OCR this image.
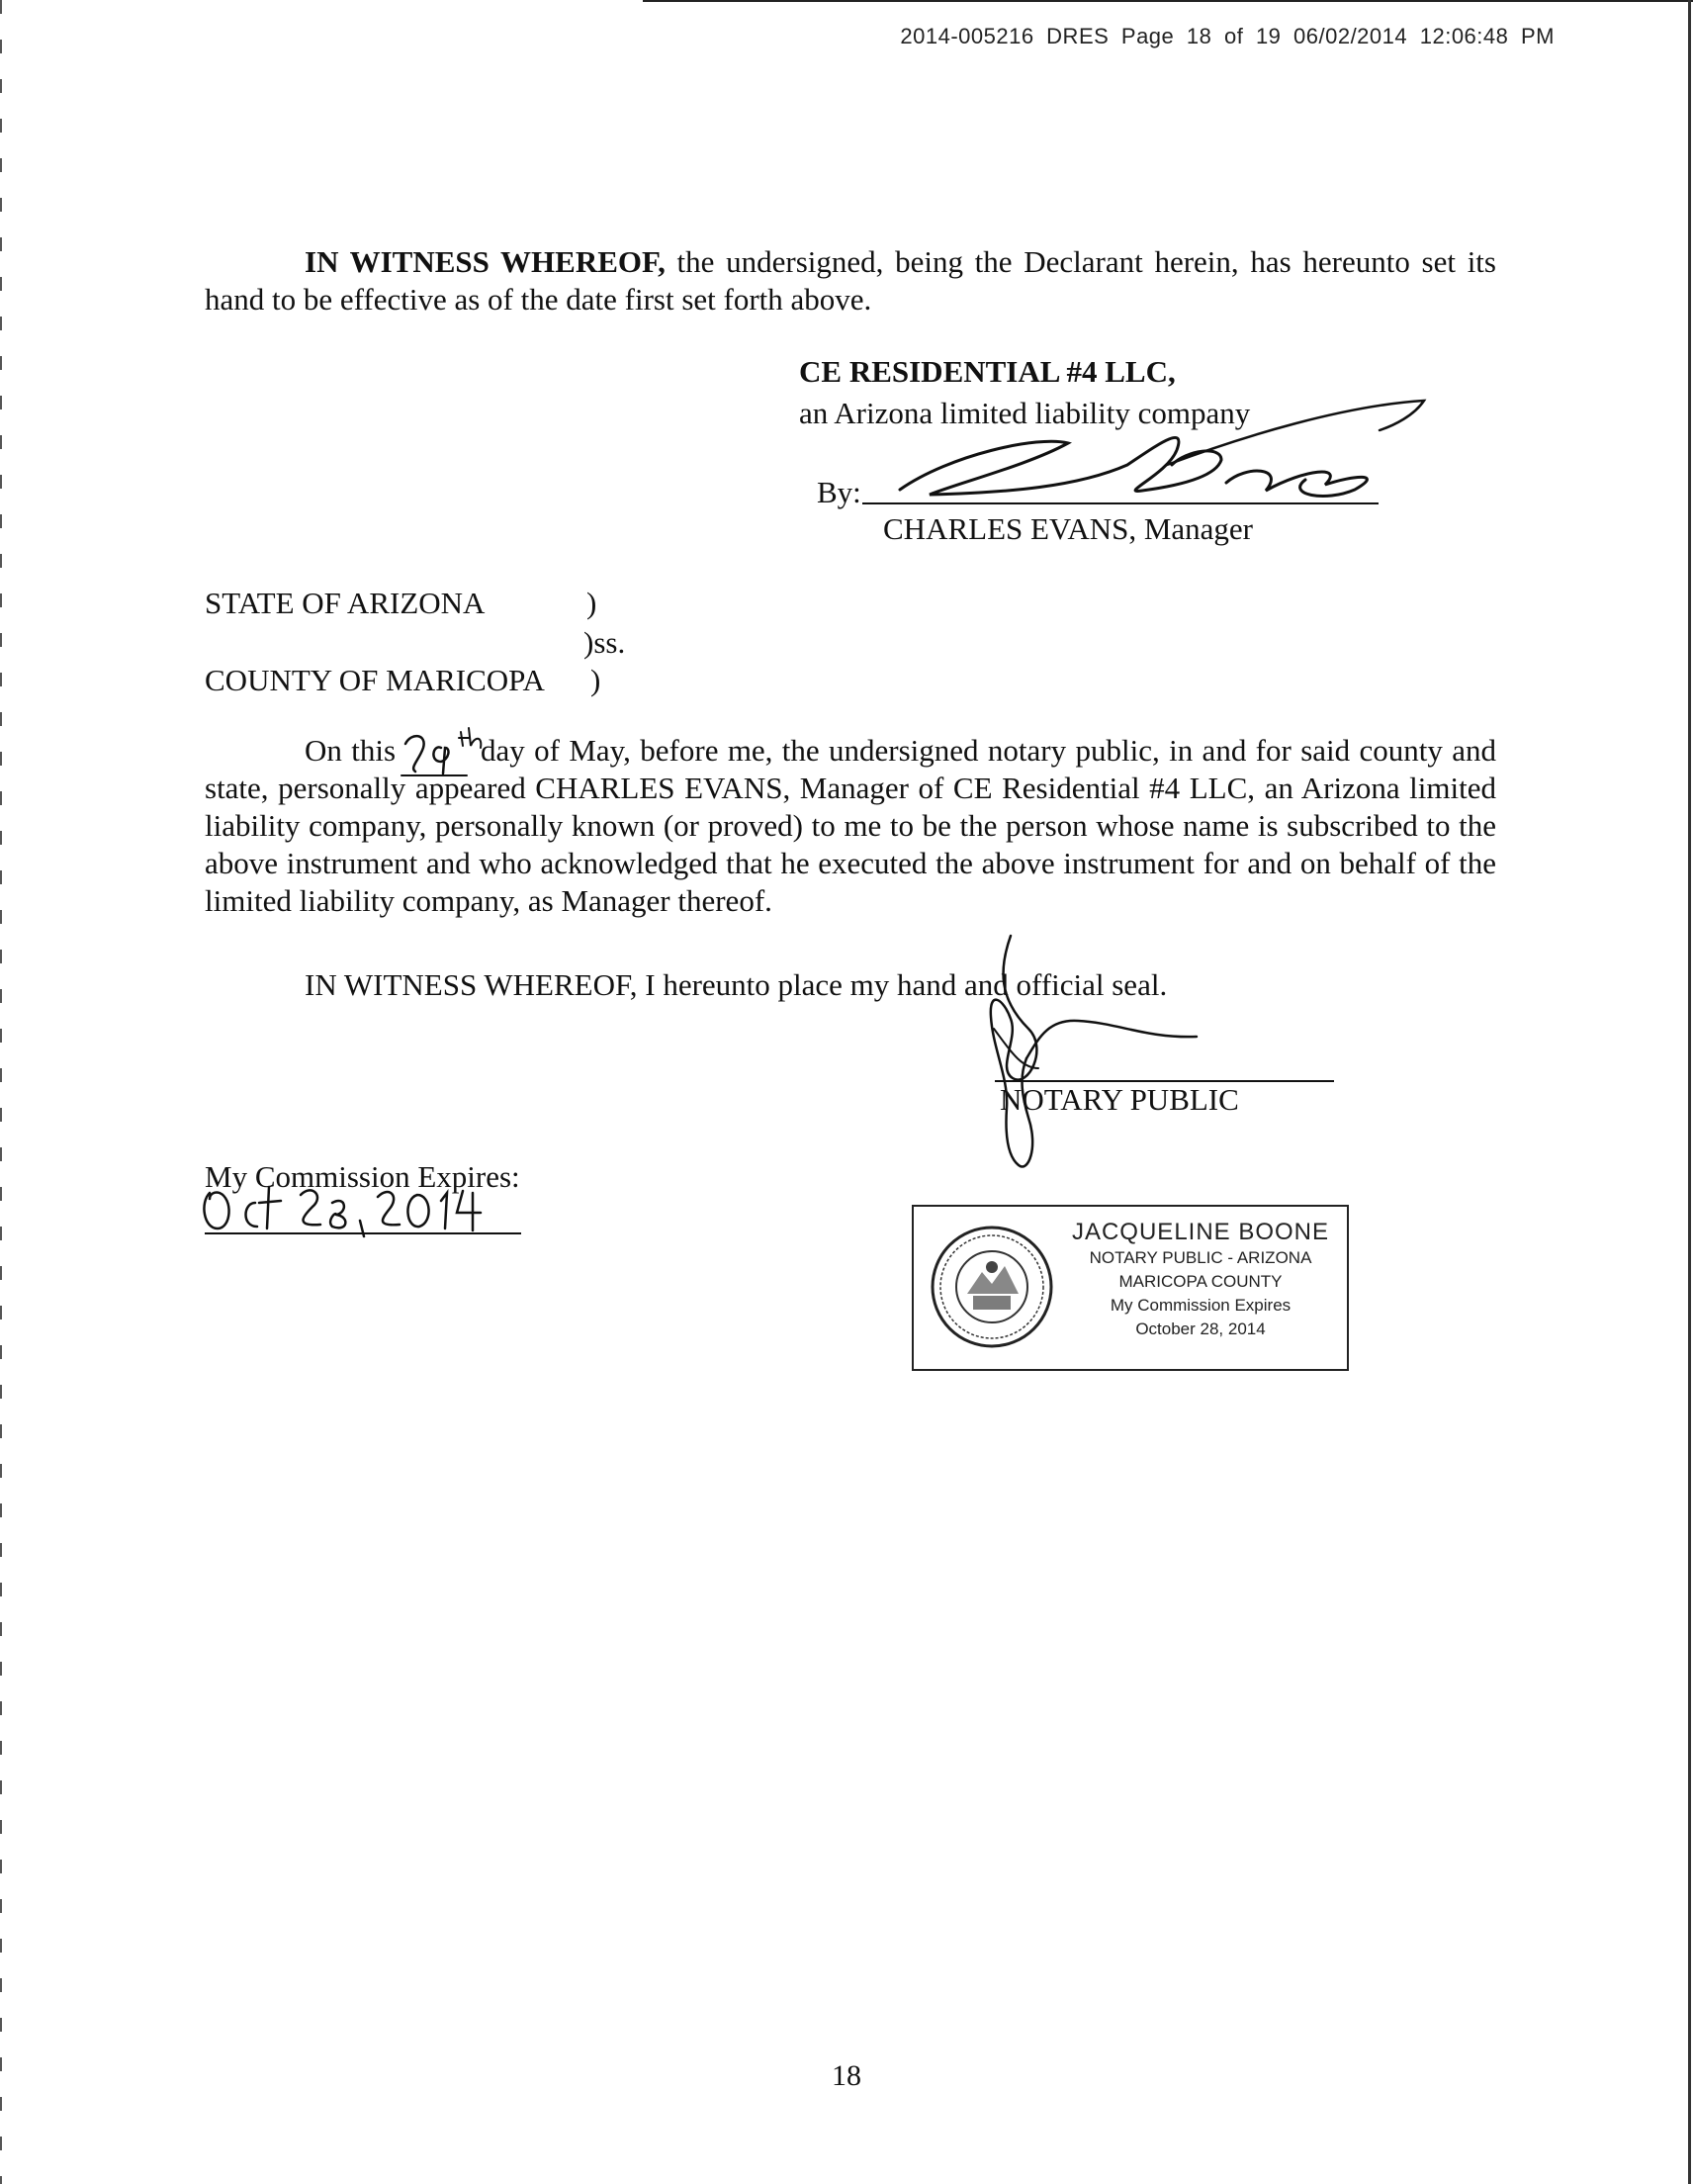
2014-005216 DRES Page 18 of 19 06/02/2014 12:06:48 PM
IN WITNESS WHEREOF, the undersigned, being the Declarant herein, has hereunto set its hand to be effective as of the date first set forth above.
CE RESIDENTIAL #4 LLC,
an Arizona limited liability company
By:
CHARLES EVANS, Manager
STATE OF ARIZONA	)
)ss.
COUNTY OF MARICOPA )
On this	day of May, before me, the undersigned notary public, in and for said county and state, personally appeared CHARLES EVANS, Manager of CE Residential #4 LLC, an Arizona limited liability company, personally known (or proved) to me to be the person whose name is subscribed to the above instrument and who acknowledged that he executed the above instrument for and on behalf of the limited liability company, as Manager thereof.
IN WITNESS WHEREOF, I hereunto place my hand and official seal.
NOTARY PUBLIC
My Commission Expires:
JACQUELINE BOONE
NOTARY PUBLIC - ARIZONA
MARICOPA COUNTY
My Commission Expires
October 28, 2014
18
